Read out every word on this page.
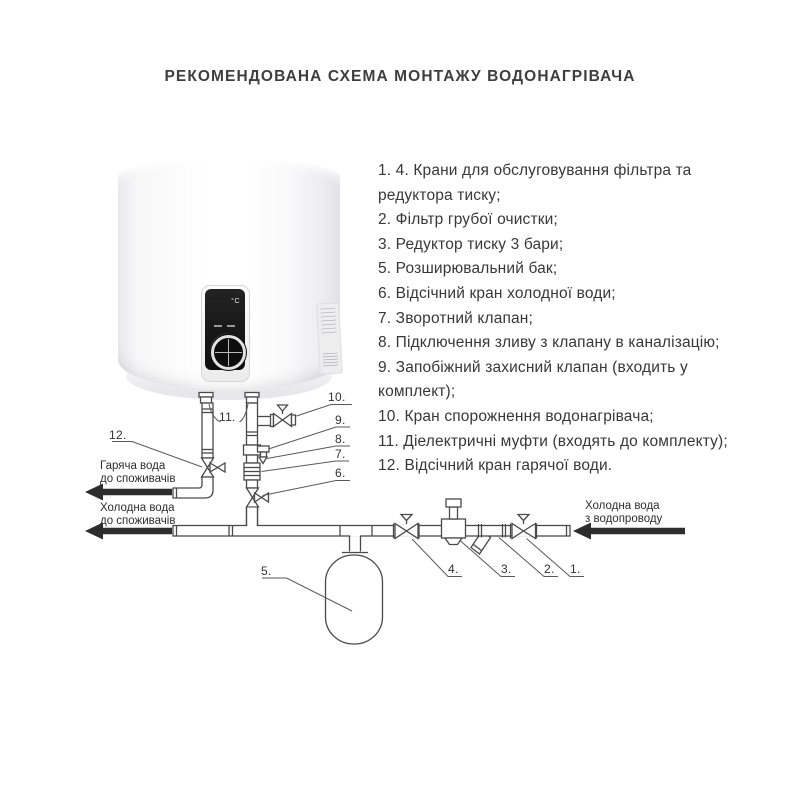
РЕКОМЕНДОВАНА СХЕМА МОНТАЖУ ВОДОНАГРІВАЧА
1. 4. Крани для обслуговування фільтра та
редуктора тиску;
2. Фільтр грубої очистки;
3. Редуктор тиску 3 бари;
5. Розширювальний бак;
6. Відсічний кран холодної води;
7. Зворотний клапан;
8. Підключення зливу з клапану в каналізацію;
9. Запобіжний захисний клапан (входить у
комплект);
10. Кран спорожнення водонагрівача;
11. Діелектричні муфти (входять до комплекту);
12. Відсічний кран гарячої води.
°C
1.
2.
3.
4.
5.
6.
7.
8.
9.
10.
11.
12.
Гаряча вода
до споживачів
Холодна вода
до споживачів
Холодна вода
з водопроводу
